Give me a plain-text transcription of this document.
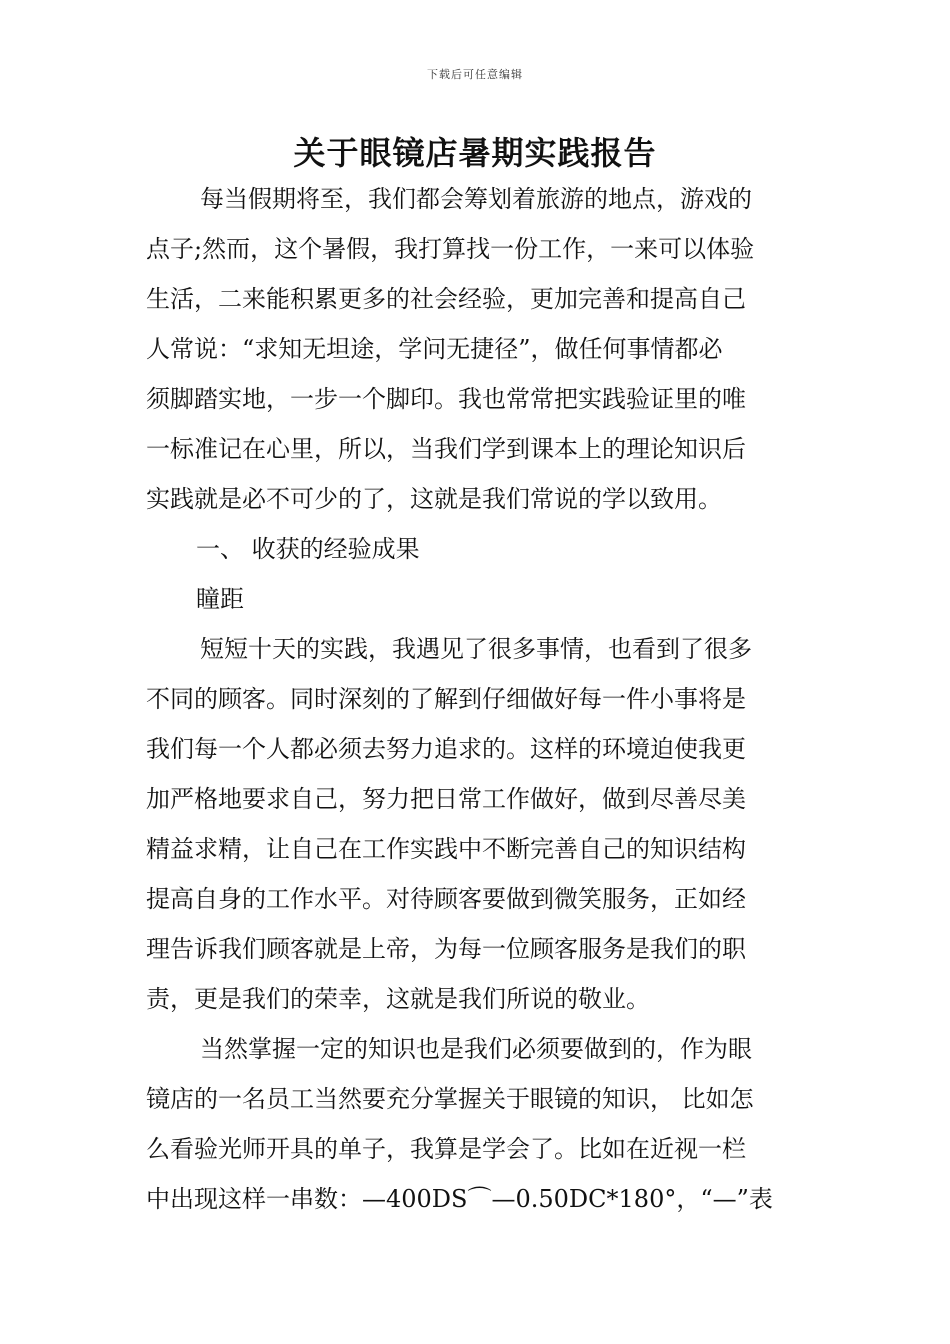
下载后可任意编辑
关于眼镜店暑期实践报告
每当假期将至，我们都会筹划着旅游的地点，游戏的
点子;然而，这个暑假，我打算找一份工作，一来可以体验
生活，二来能积累更多的社会经验，更加完善和提高自己
人常说：“求知无坦途，学问无捷径”，做任何事情都必
须脚踏实地，一步一个脚印。我也常常把实践验证里的唯
一标准记在心里，所以，当我们学到课本上的理论知识后
实践就是必不可少的了，这就是我们常说的学以致用。
一、 收获的经验成果
瞳距
短短十天的实践，我遇见了很多事情，也看到了很多
不同的顾客。同时深刻的了解到仔细做好每一件小事将是
我们每一个人都必须去努力追求的。这样的环境迫使我更
加严格地要求自己，努力把日常工作做好，做到尽善尽美
精益求精，让自己在工作实践中不断完善自己的知识结构
提高自身的工作水平。对待顾客要做到微笑服务，正如经
理告诉我们顾客就是上帝，为每一位顾客服务是我们的职
责，更是我们的荣幸，这就是我们所说的敬业。
当然掌握一定的知识也是我们必须要做到的，作为眼
镜店的一名员工当然要充分掌握关于眼镜的知识， 比如怎
么看验光师开具的单子，我算是学会了。比如在近视一栏
中出现这样一串数：—400DS⌒—0.50DC*180°，“—”表
